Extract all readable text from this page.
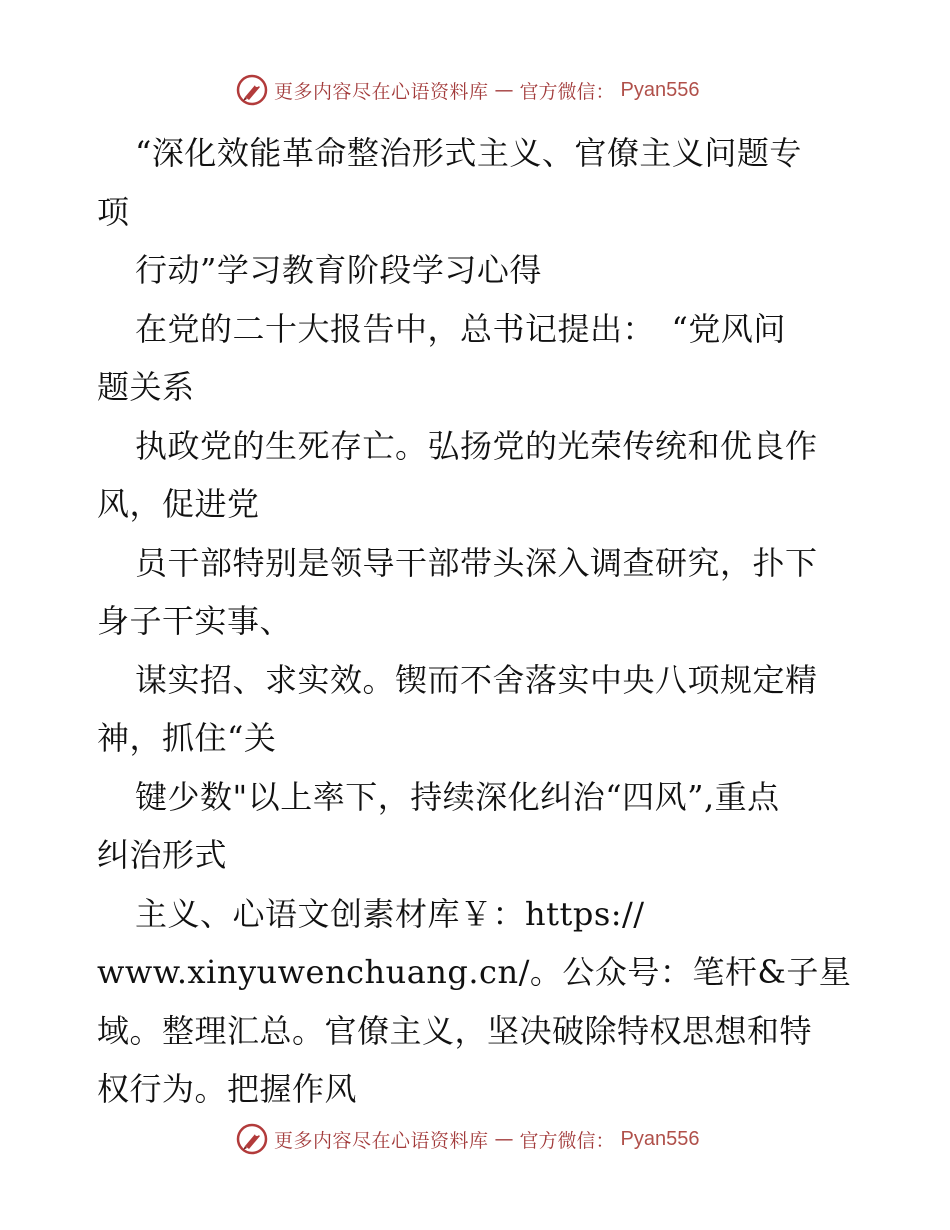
更多内容尽在心语资料库 — 官方微信： Pyan556
“深化效能革命整治形式主义、官僚主义问题专
项
行动”学习教育阶段学习心得
在党的二十大报告中，总书记提出：　“党风问
题关系
执政党的生死存亡。弘扬党的光荣传统和优良作
风，促进党
员干部特别是领导干部带头深入调查研究，扑下
身子干实事、
谋实招、求实效。锲而不舍落实中央八项规定精
神，抓住“关
键少数"以上率下，持续深化纠治“四风”,重点
纠治形式
主义、心语文创素材库￥：https://
www.xinyuwenchuang.cn/。公众号：笔杆&子星
域。整理汇总。官僚主义，坚决破除特权思想和特
权行为。把握作风
更多内容尽在心语资料库 — 官方微信： Pyan556
